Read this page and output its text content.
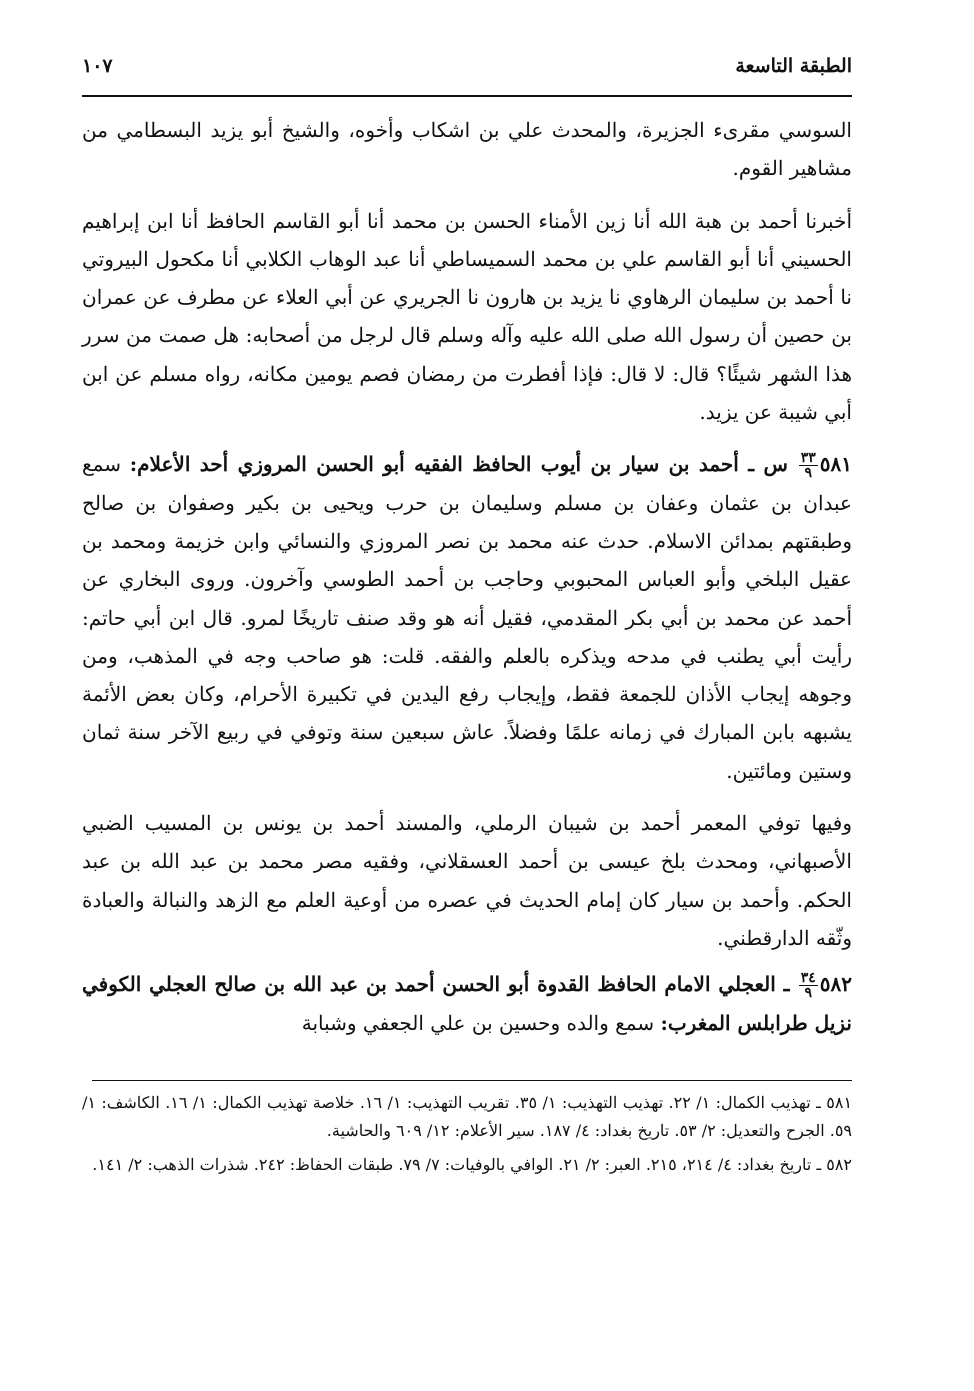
الطبقة التاسعة
١٠٧

السوسي مقرىء الجزيرة، والمحدث علي بن اشكاب وأخوه، والشيخ أبو يزيد البسطامي من مشاهير القوم.

أخبرنا أحمد بن هبة الله أنا زين الأمناء الحسن بن محمد أنا أبو القاسم الحافظ أنا ابن إبراهيم الحسيني أنا أبو القاسم علي بن محمد السميساطي أنا عبد الوهاب الكلابي أنا مكحول البيروتي نا أحمد بن سليمان الرهاوي نا يزيد بن هارون نا الجريري عن أبي العلاء عن مطرف عن عمران بن حصين أن رسول الله صلى الله عليه وآله وسلم قال لرجل من أصحابه: هل صمت من سرر هذا الشهر شيئًا؟ قال: لا قال: فإذا أفطرت من رمضان فصم يومين مكانه، رواه مسلم عن ابن أبي شيبة عن يزيد.

٥٨١
$\frac{٣٣}{٩}$
س ـ أحمد بن سيار بن أيوب الحافظ الفقيه أبو الحسن المروزي أحد الأعلام: سمع عبدان بن عثمان وعفان بن مسلم وسليمان بن حرب ويحيى بن بكير وصفوان بن صالح وطبقتهم بمدائن الاسلام. حدث عنه محمد بن نصر المروزي والنسائي وابن خزيمة ومحمد بن عقيل البلخي وأبو العباس المحبوبي وحاجب بن أحمد الطوسي وآخرون. وروى البخاري عن أحمد عن محمد بن أبي بكر المقدمي، فقيل أنه هو وقد صنف تاريخًا لمرو. قال ابن أبي حاتم: رأيت أبي يطنب في مدحه ويذكره بالعلم والفقه. قلت: هو صاحب وجه في المذهب، ومن وجوهه إيجاب الأذان للجمعة فقط، وإيجاب رفع اليدين في تكبيرة الأحرام، وكان بعض الأئمة يشبهه بابن المبارك في زمانه علمًا وفضلاً. عاش سبعين سنة وتوفي في ربيع الآخر سنة ثمان وستين ومائتين.

وفيها توفي المعمر أحمد بن شيبان الرملي، والمسند أحمد بن يونس بن المسيب الضبي الأصبهاني، ومحدث بلخ عيسى بن أحمد العسقلاني، وفقيه مصر محمد بن عبد الله بن عبد الحكم. وأحمد بن سيار كان إمام الحديث في عصره من أوعية العلم مع الزهد والنبالة والعبادة وثّقه الدارقطني.

٥٨٢
$\frac{٣٤}{٩}$
ـ العجلي الامام الحافظ القدوة أبو الحسن أحمد بن عبد الله بن صالح العجلي الكوفي نزيل طرابلس المغرب: سمع والده وحسين بن علي الجعفي وشبابة

٥٨١ ـ تهذيب الكمال: ١/ ٢٢. تهذيب التهذيب: ١/ ٣٥. تقريب التهذيب: ١/ ١٦. خلاصة تهذيب الكمال: ١/ ١٦. الكاشف: ١/ ٥٩. الجرح والتعديل: ٢/ ٥٣. تاريخ بغداد: ٤/ ١٨٧. سير الأعلام: ١٢/ ٦٠٩ والحاشية.

٥٨٢ ـ تاريخ بغداد: ٤/ ٢١٤، ٢١٥. العبر: ٢/ ٢١. الوافي بالوفيات: ٧/ ٧٩. طبقات الحفاظ: ٢٤٢. شذرات الذهب: ٢/ ١٤١.
